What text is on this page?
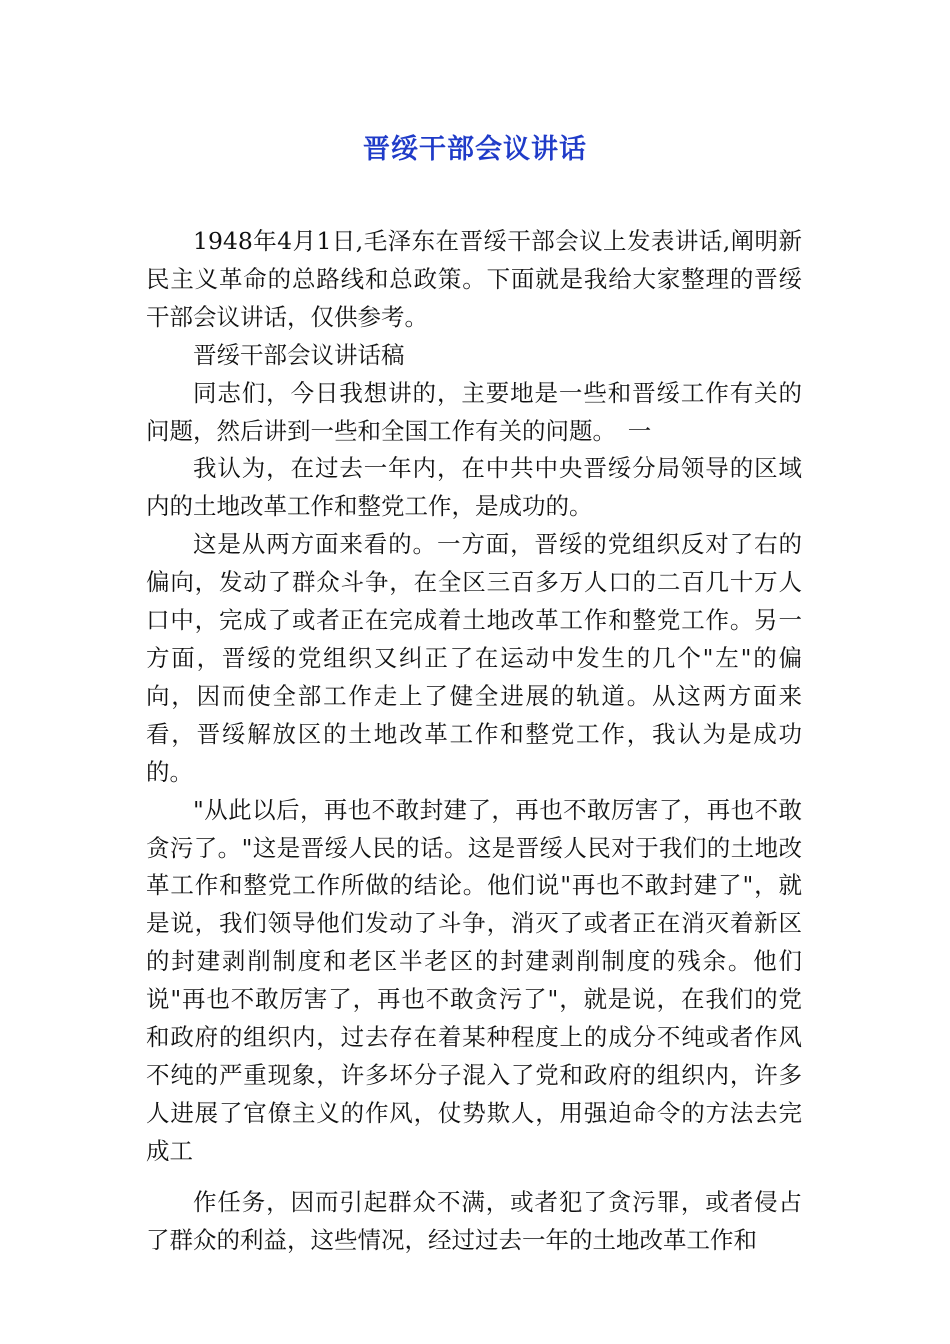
晋绥干部会议讲话

1948年4月1日,毛泽东在晋绥干部会议上发表讲话,阐明新民主义革命的总路线和总政策。下面就是我给大家整理的晋绥干部会议讲话，仅供参考。

晋绥干部会议讲话稿

同志们，今日我想讲的，主要地是一些和晋绥工作有关的问题，然后讲到一些和全国工作有关的问题。　一

我认为，在过去一年内，在中共中央晋绥分局领导的区域内的土地改革工作和整党工作，是成功的。

这是从两方面来看的。一方面，晋绥的党组织反对了右的偏向，发动了群众斗争，在全区三百多万人口的二百几十万人口中，完成了或者正在完成着土地改革工作和整党工作。另一方面，晋绥的党组织又纠正了在运动中发生的几个"左"的偏向，因而使全部工作走上了健全进展的轨道。从这两方面来看，晋绥解放区的土地改革工作和整党工作，我认为是成功的。

"从此以后，再也不敢封建了，再也不敢厉害了，再也不敢贪污了。"这是晋绥人民的话。这是晋绥人民对于我们的土地改革工作和整党工作所做的结论。他们说"再也不敢封建了"，就是说，我们领导他们发动了斗争，消灭了或者正在消灭着新区的封建剥削制度和老区半老区的封建剥削制度的残余。他们说"再也不敢厉害了，再也不敢贪污了"，就是说，在我们的党和政府的组织内，过去存在着某种程度上的成分不纯或者作风不纯的严重现象，许多坏分子混入了党和政府的组织内，许多人进展了官僚主义的作风，仗势欺人，用强迫命令的方法去完成工

作任务，因而引起群众不满，或者犯了贪污罪，或者侵占了群众的利益，这些情况，经过过去一年的土地改革工作和
